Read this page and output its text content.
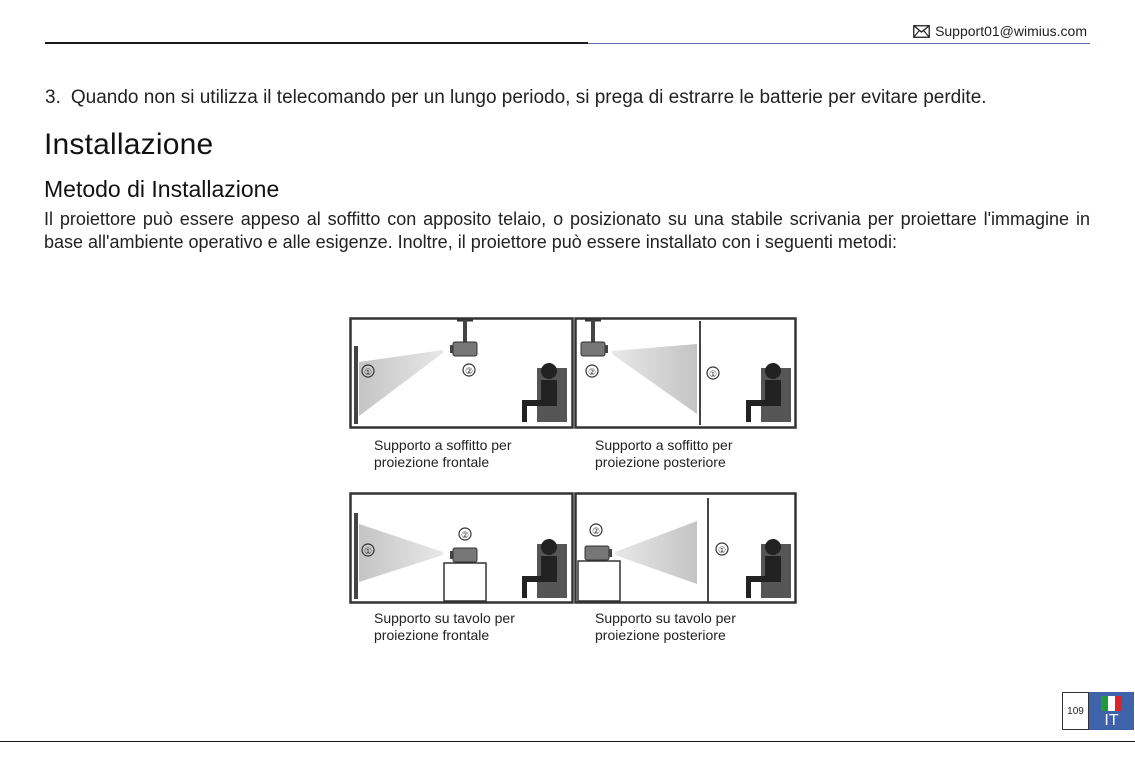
Support01@wimius.com
3. Quando non si utilizza il telecomando per un lungo periodo, si prega di estrarre le batterie per evitare perdite.
Installazione
Metodo di Installazione
Il proiettore può essere appeso al soffitto con apposito telaio, o posizionato su una stabile scrivania per proiettare l'immagine in base all'ambiente operativo e alle esigenze. Inoltre, il proiettore può essere installato con i seguenti metodi:
①	②	②	①
①
②	②
①
Supporto a soffitto per
proiezione frontale
Supporto a soffitto per
proiezione posteriore
Supporto su tavolo per
proiezione frontale
Supporto su tavolo per
proiezione posteriore
109
IT
